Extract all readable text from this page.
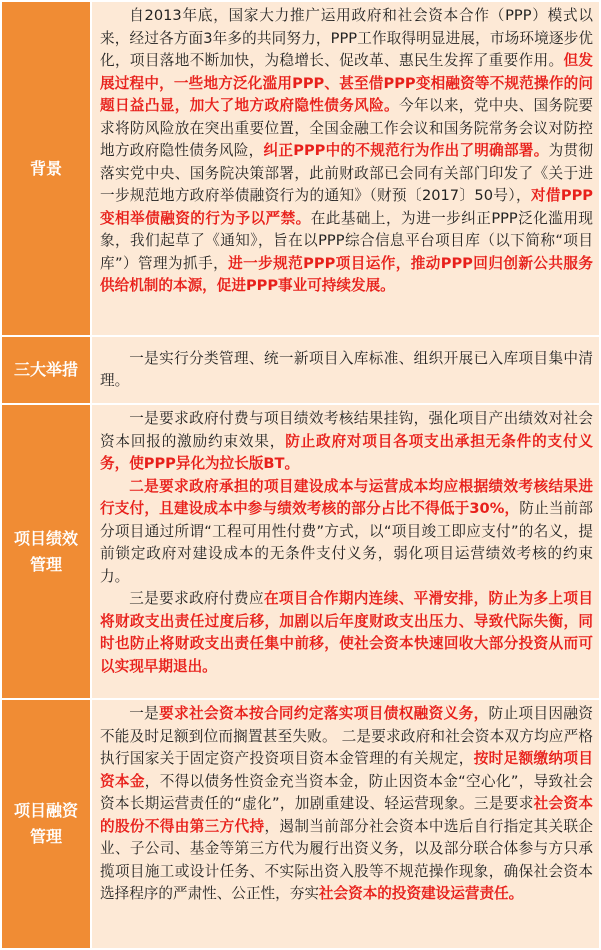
背景

自2013年底，国家大力推广运用政府和社会资本合作（PPP）模式以来，经过各方面3年多的共同努力，PPP工作取得明显进展，市场环境逐步优化，项目落地不断加快，为稳增长、促改革、惠民生发挥了重要作用。但发展过程中，一些地方泛化滥用PPP、甚至借PPP变相融资等不规范操作的问题日益凸显，加大了地方政府隐性债务风险。今年以来，党中央、国务院要求将防风险放在突出重要位置，全国金融工作会议和国务院常务会议对防控地方政府隐性债务风险，纠正PPP中的不规范行为作出了明确部署。为贯彻落实党中央、国务院决策部署，此前财政部已会同有关部门印发了《关于进一步规范地方政府举债融资行为的通知》（财预〔2017〕50号），对借PPP变相举债融资的行为予以严禁。在此基础上，为进一步纠正PPP泛化滥用现象，我们起草了《通知》，旨在以PPP综合信息平台项目库（以下简称“项目库”）管理为抓手，进一步规范PPP项目运作，推动PPP回归创新公共服务供给机制的本源，促进PPP事业可持续发展。

三大举措

一是实行分类管理、统一新项目入库标准、组织开展已入库项目集中清理。

项目绩效管理

一是要求政府付费与项目绩效考核结果挂钩，强化项目产出绩效对社会资本回报的激励约束效果，防止政府对项目各项支出承担无条件的支付义务，使PPP异化为拉长版BT。

二是要求政府承担的项目建设成本与运营成本均应根据绩效考核结果进行支付，且建设成本中参与绩效考核的部分占比不得低于30%，防止当前部分项目通过所谓“工程可用性付费”方式，以“项目竣工即应支付”的名义，提前锁定政府对建设成本的无条件支付义务，弱化项目运营绩效考核的约束力。

三是要求政府付费应在项目合作期内连续、平滑安排，防止为多上项目将财政支出责任过度后移，加剧以后年度财政支出压力、导致代际失衡，同时也防止将财政支出责任集中前移，使社会资本快速回收大部分投资从而可以实现早期退出。

项目融资管理

一是要求社会资本按合同约定落实项目债权融资义务，防止项目因融资不能及时足额到位而搁置甚至失败。 二是要求政府和社会资本双方均应严格执行国家关于固定资产投资项目资本金管理的有关规定，按时足额缴纳项目资本金，不得以债务性资金充当资本金，防止因资本金“空心化”，导致社会资本长期运营责任的“虚化”，加剧重建设、轻运营现象。三是要求社会资本的股份不得由第三方代持，遏制当前部分社会资本中选后自行指定其关联企业、子公司、基金等第三方代为履行出资义务，以及部分联合体参与方只承揽项目施工或设计任务、不实际出资入股等不规范操作现象，确保社会资本选择程序的严肃性、公正性，夯实社会资本的投资建设运营责任。
